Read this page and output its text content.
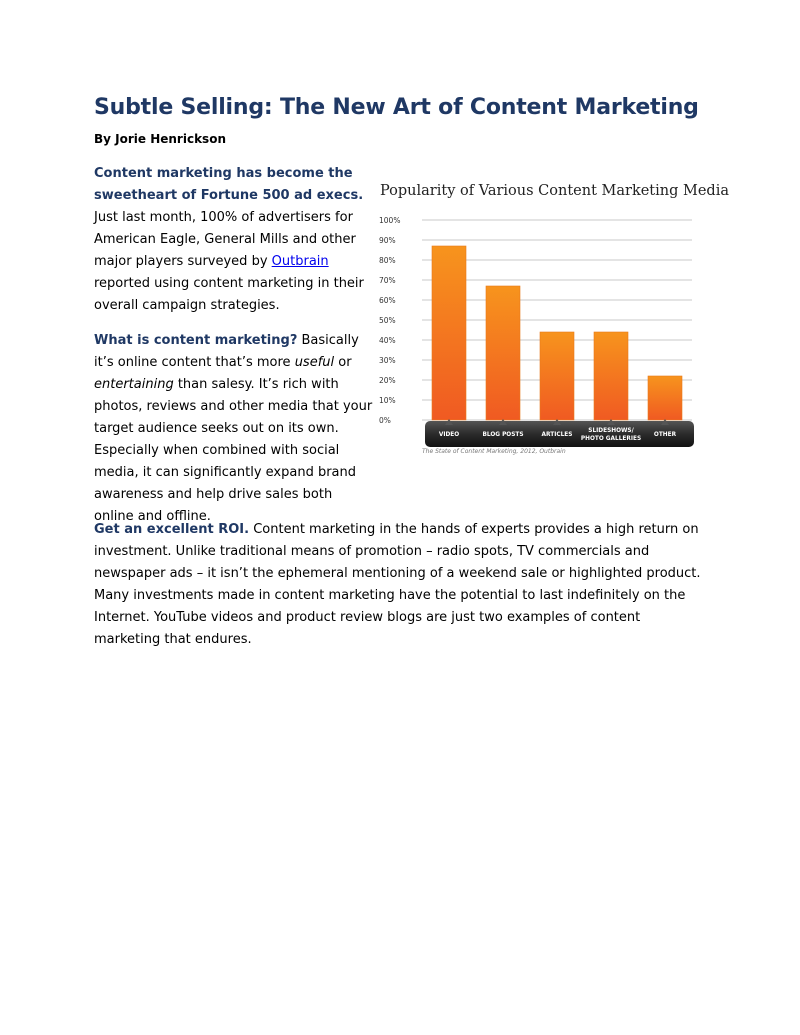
Subtle Selling: The New Art of Content Marketing

By Jorie Henrickson

Content marketing has become the sweetheart of Fortune 500 ad execs. Just last month, 100% of advertisers for American Eagle, General Mills and other major players surveyed by Outbrain reported using content marketing in their overall campaign strategies.

What is content marketing? Basically it’s online content that’s more useful or entertaining than salesy. It’s rich with photos, reviews and other media that your target audience seeks out on its own. Especially when combined with social media, it can significantly expand brand awareness and help drive sales both online and offline.

Get an excellent ROI. Content marketing in the hands of experts provides a high return on investment. Unlike traditional means of promotion – radio spots, TV commercials and newspaper ads – it isn’t the ephemeral mentioning of a weekend sale or highlighted product. Many investments made in content marketing have the potential to last indefinitely on the Internet. YouTube videos and product review blogs are just two examples of content marketing that endures.

100%
90%
80%
70%
60%
50%
40%
30%
20%
10%
0%
VIDEO	BLOG POSTS	ARTICLES
SLIDESHOWS/
PHOTO GALLERIES
OTHER

Popularity of Various Content Marketing Media

The State of Content Marketing, 2012, Outbrain
